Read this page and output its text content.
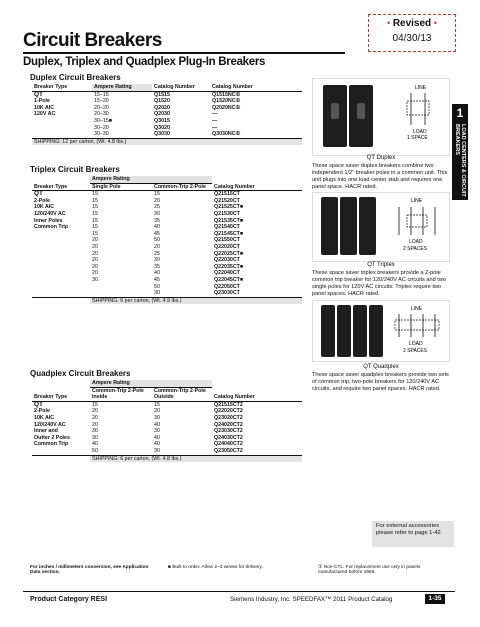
Circuit Breakers
Duplex, Triplex and Quadplex Plug-In Breakers
• Revised •
04/30/13
1
LOAD CENTERS & CIRCUIT BREAKERS
Duplex Circuit Breakers
Breaker Type	Ampere Rating	Catalog Number	Catalog Number
QT	15–15	Q1515	Q1515NC①
1-Pole	15–20	Q1520	Q1520NC①
10K AIC	20–20	Q2020	Q2020NC①
120V AC	20–30	Q2030	—
	30–15■	Q3015	—
	30–20	Q3020	—
	30–30	Q3030	Q3030NC①
SHIPPING: 12 per carton, (Wt. 4.8 lbs.)			
Triplex Circuit Breakers
	Ampere Rating		
Breaker Type	Single Pole	Common-Trip 2-Pole	Catalog Number
QT	15	15	Q21515CT
2-Pole	15	20	Q21520CT
10K AIC	15	25	Q21525CT■
120/240V AC	15	30	Q21530CT
Inner Poles	15	35	Q21535CT■
Common Trip	15	40	Q21540CT
	15	45	Q21545CT■
	20	50	Q21550CT
	20	20	Q22020CT
	20	25	Q22025CT■
	20	30	Q22030CT
	20	35	Q22035CT■
	20	40	Q22040CT
	30	45	Q22045CT■
		50	Q22050CT
		30	Q23030CT
	SHIPPING: 6 per carton, (Wt. 4.9 lbs.)		
Quadplex Circuit Breakers
	Ampere Rating		
Breaker Type	Common-Trip 2-Pole Inside	Common-Trip 2-Pole Outside	Catalog Number
QT	15	15	Q21515CT2
2-Pole	20	20	Q22020CT2
10K AIC	20	30	Q23020CT2
120/240V AC	20	40	Q24020CT2
Inner and	30	30	Q23030CT2
Outter 2 Poles	30	40	Q24030CT2
Common Trip	40	40	Q24040CT2
	50	30	Q23050CT2
	SHIPPING: 6 per carton, (Wt. 4.8 lbs.)		
LINE
LOAD
1 SPACE
QT Duplex
These space saver duplex breakers combine two independent 1/2" breaker poles in a common unit. This unit plugs into one load center stab and requires one panel space. HACR rated.
LINE
LOAD
2 SPACES
QT Triplex
These space saver triplex breakers provide a 2-pole common trip breaker for 120/240V AC circuits and two single poles for 120V AC circuits. Triplex require two panel spaces. HACR rated.
LINE
LOAD
2 SPACES
QT Quadplex
These space saver quadplex breakers provide two sets of common trip, two-pole breakers for 120/240V AC circuits, and require two panel spaces. HACR rated.
For external accessories please refer to page 1-42.
For inches / millimeters conversion, see Application Data section.
■ Built to order. Allow 2–3 weeks for delivery.	① Non-CTL. For replacement use only in panels manufactured before 1966.
Product Category RESI	Siemens Industry, Inc. SPEEDFAX™ 2011 Product Catalog	1-35
